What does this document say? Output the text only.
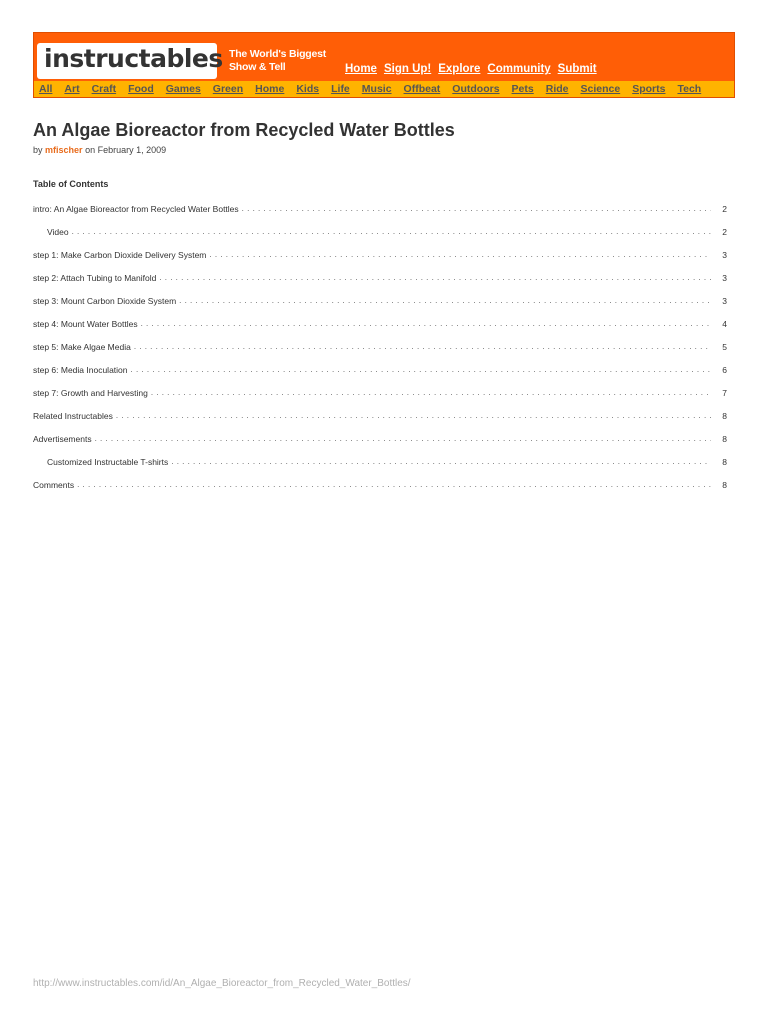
instructables The World's Biggest
Show & Tell	Home Sign Up! Explore Community Submit
All Art Craft Food Games Green Home Kids Life Music Offbeat Outdoors Pets Ride Science Sports Tech
An Algae Bioreactor from Recycled Water Bottles
by mfischer on February 1, 2009
Table of Contents
intro: An Algae Bioreactor from Recycled Water Bottles . . .	2
Video . . .	2
step 1: Make Carbon Dioxide Delivery System . . .	3
step 2: Attach Tubing to Manifold . . .	3
step 3: Mount Carbon Dioxide System . . .	3
step 4: Mount Water Bottles . . .	4
step 5: Make Algae Media . . .	5
step 6: Media Inoculation . . .	6
step 7: Growth and Harvesting . . .	7
Related Instructables . . .	8
Advertisements . . .	8
Customized Instructable T-shirts . . .	8
Comments . . .	8
http://www.instructables.com/id/An_Algae_Bioreactor_from_Recycled_Water_Bottles/
